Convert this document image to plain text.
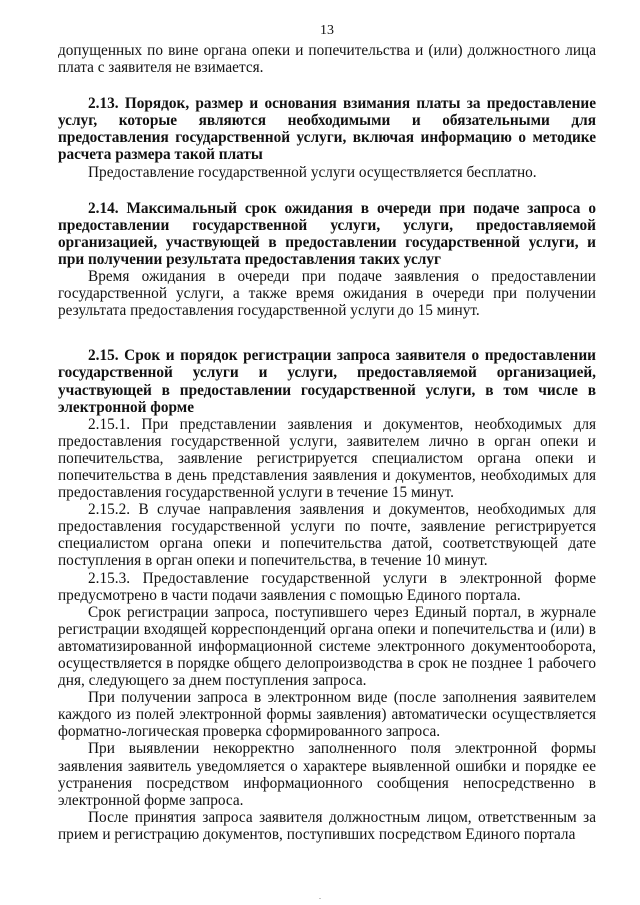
13

допущенных по вине органа опеки и попечительства и (или) должностного лица плата с заявителя не взимается.

2.13. Порядок, размер и основания взимания платы за предоставление услуг, которые являются необходимыми и обязательными для предоставления государственной услуги, включая информацию о методике расчета размера такой платы

Предоставление государственной услуги осуществляется бесплатно.

2.14. Максимальный срок ожидания в очереди при подаче запроса о предоставлении государственной услуги, услуги, предоставляемой организацией, участвующей в предоставлении государственной услуги, и при получении результата предоставления таких услуг

Время ожидания в очереди при подаче заявления о предоставлении государственной услуги, а также время ожидания в очереди при получении результата предоставления государственной услуги до 15 минут.

2.15. Срок и порядок регистрации запроса заявителя о предоставлении государственной услуги и услуги, предоставляемой организацией, участвующей в предоставлении государственной услуги, в том числе в электронной форме

2.15.1. При представлении заявления и документов, необходимых для предоставления государственной услуги, заявителем лично в орган опеки и попечительства, заявление регистрируется специалистом органа опеки и попечительства в день представления заявления и документов, необходимых для предоставления государственной услуги в течение 15 минут.

2.15.2. В случае направления заявления и документов, необходимых для предоставления государственной услуги по почте, заявление регистрируется специалистом органа опеки и попечительства датой, соответствующей дате поступления в орган опеки и попечительства, в течение 10 минут.

2.15.3. Предоставление государственной услуги в электронной форме предусмотрено в части подачи заявления с помощью Единого портала.

Срок регистрации запроса, поступившего через Единый портал, в журнале регистрации входящей корреспонденций органа опеки и попечительства и (или) в автоматизированной информационной системе электронного документооборота, осуществляется в порядке общего делопроизводства в срок не позднее 1 рабочего дня, следующего за днем поступления запроса.

При получении запроса в электронном виде (после заполнения заявителем каждого из полей электронной формы заявления) автоматически осуществляется форматно-логическая проверка сформированного запроса.

При выявлении некорректно заполненного поля электронной формы заявления заявитель уведомляется о характере выявленной ошибки и порядке ее устранения посредством информационного сообщения непосредственно в электронной форме запроса.

После принятия запроса заявителя должностным лицом, ответственным за прием и регистрацию документов, поступивших посредством Единого портала

.
